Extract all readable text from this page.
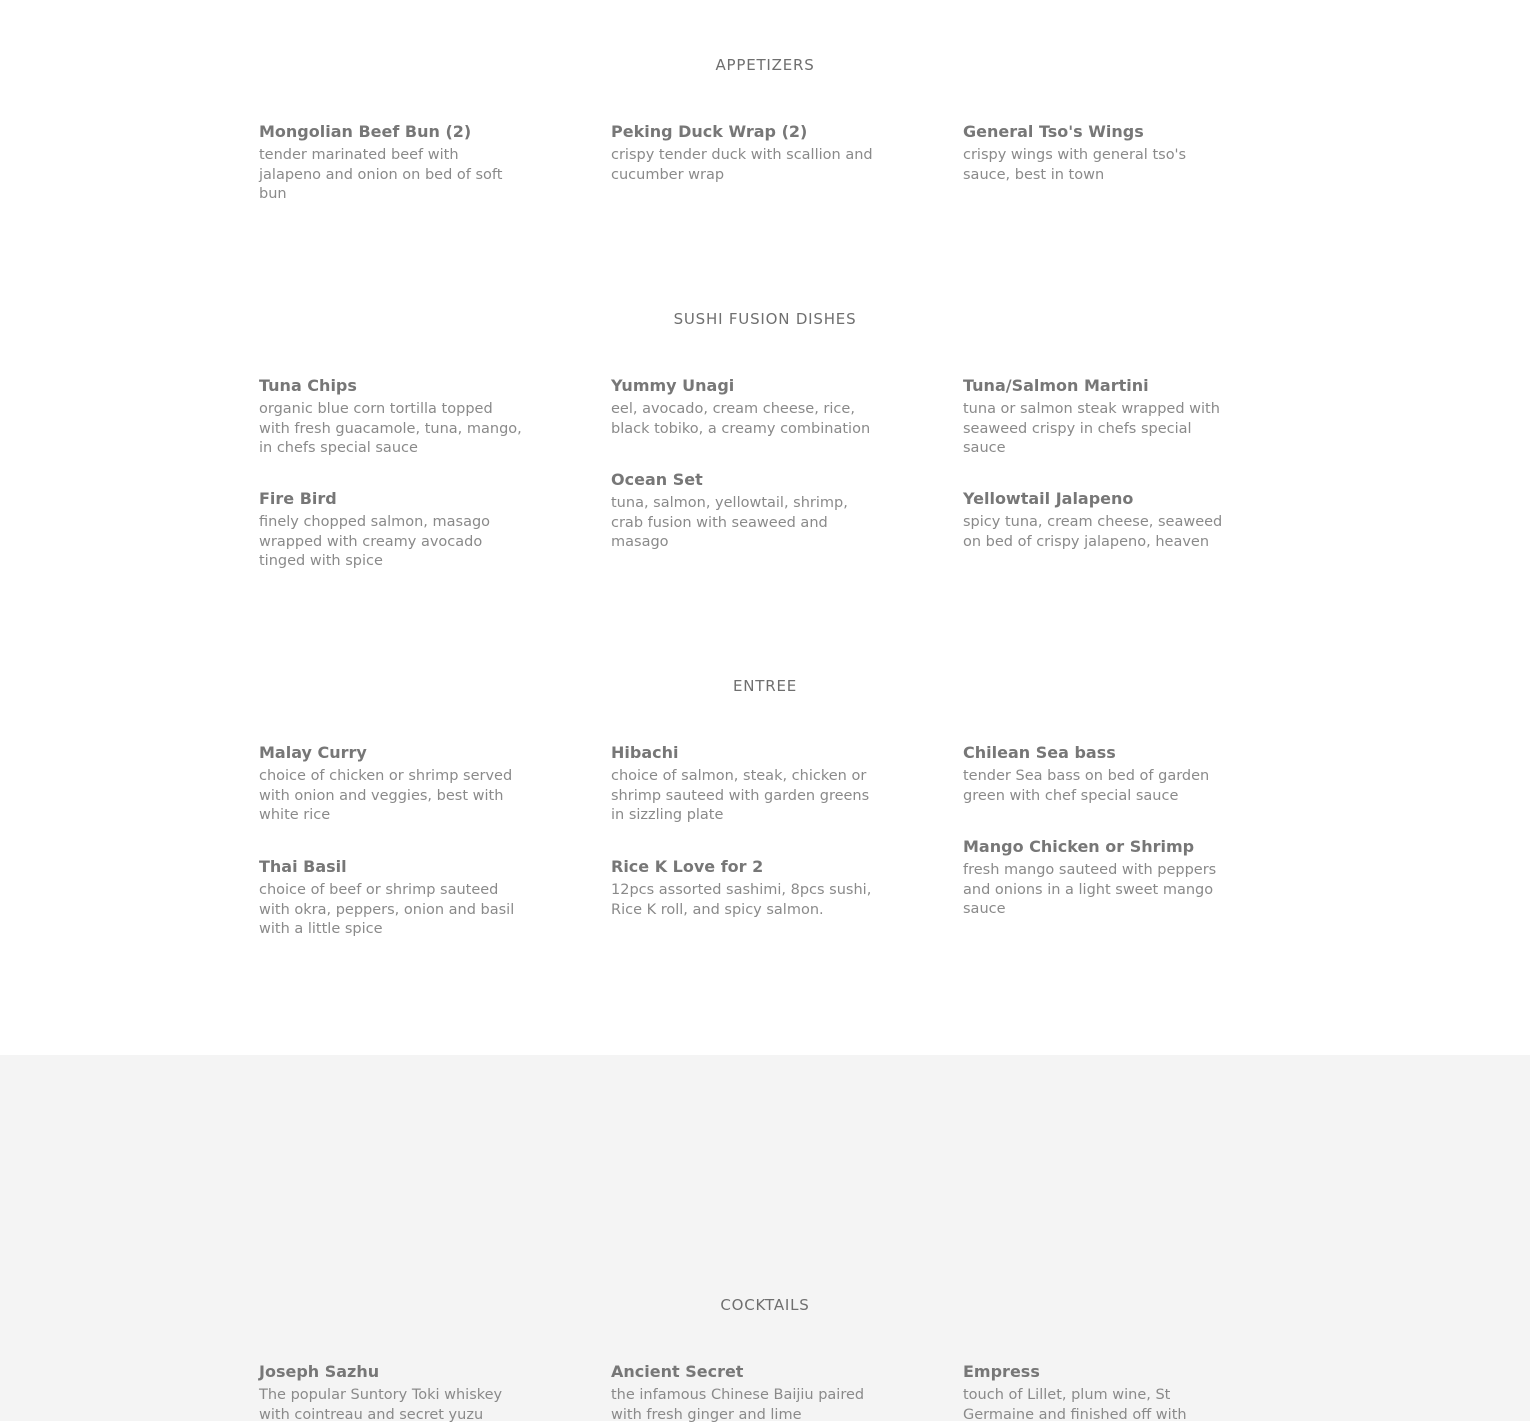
APPETIZERS
Mongolian Beef Bun (2)
tender marinated beef with jalapeno and onion on bed of soft bun
Peking Duck Wrap (2)
crispy tender duck with scallion and cucumber wrap
General Tso's Wings
crispy wings with general tso's sauce, best in town
SUSHI FUSION DISHES
Tuna Chips
organic blue corn tortilla topped with fresh guacamole, tuna, mango, in chefs special sauce
Fire Bird
finely chopped salmon, masago wrapped with creamy avocado tinged with spice
Yummy Unagi
eel, avocado, cream cheese, rice, black tobiko, a creamy combination
Ocean Set
tuna, salmon, yellowtail, shrimp, crab fusion with seaweed and masago
Tuna/Salmon Martini
tuna or salmon steak wrapped with seaweed crispy in chefs special sauce
Yellowtail Jalapeno
spicy tuna, cream cheese, seaweed on bed of crispy jalapeno, heaven
ENTREE
Malay Curry
choice of chicken or shrimp served with onion and veggies, best with white rice
Thai Basil
choice of beef or shrimp sauteed with okra, peppers, onion and basil with a little spice
Hibachi
choice of salmon, steak, chicken or shrimp sauteed with garden greens in sizzling plate
Rice K Love for 2
12pcs assorted sashimi, 8pcs sushi, Rice K roll, and spicy salmon.
Chilean Sea bass
tender Sea bass on bed of garden green with chef special sauce
Mango Chicken or Shrimp
fresh mango sauteed with peppers and onions in a light sweet mango sauce
COCKTAILS
Joseph Sazhu
The popular Suntory Toki whiskey with cointreau and secret yuzu
Ancient Secret
the infamous Chinese Baijiu paired with fresh ginger and lime
Empress
touch of Lillet, plum wine, St Germaine and finished off with
